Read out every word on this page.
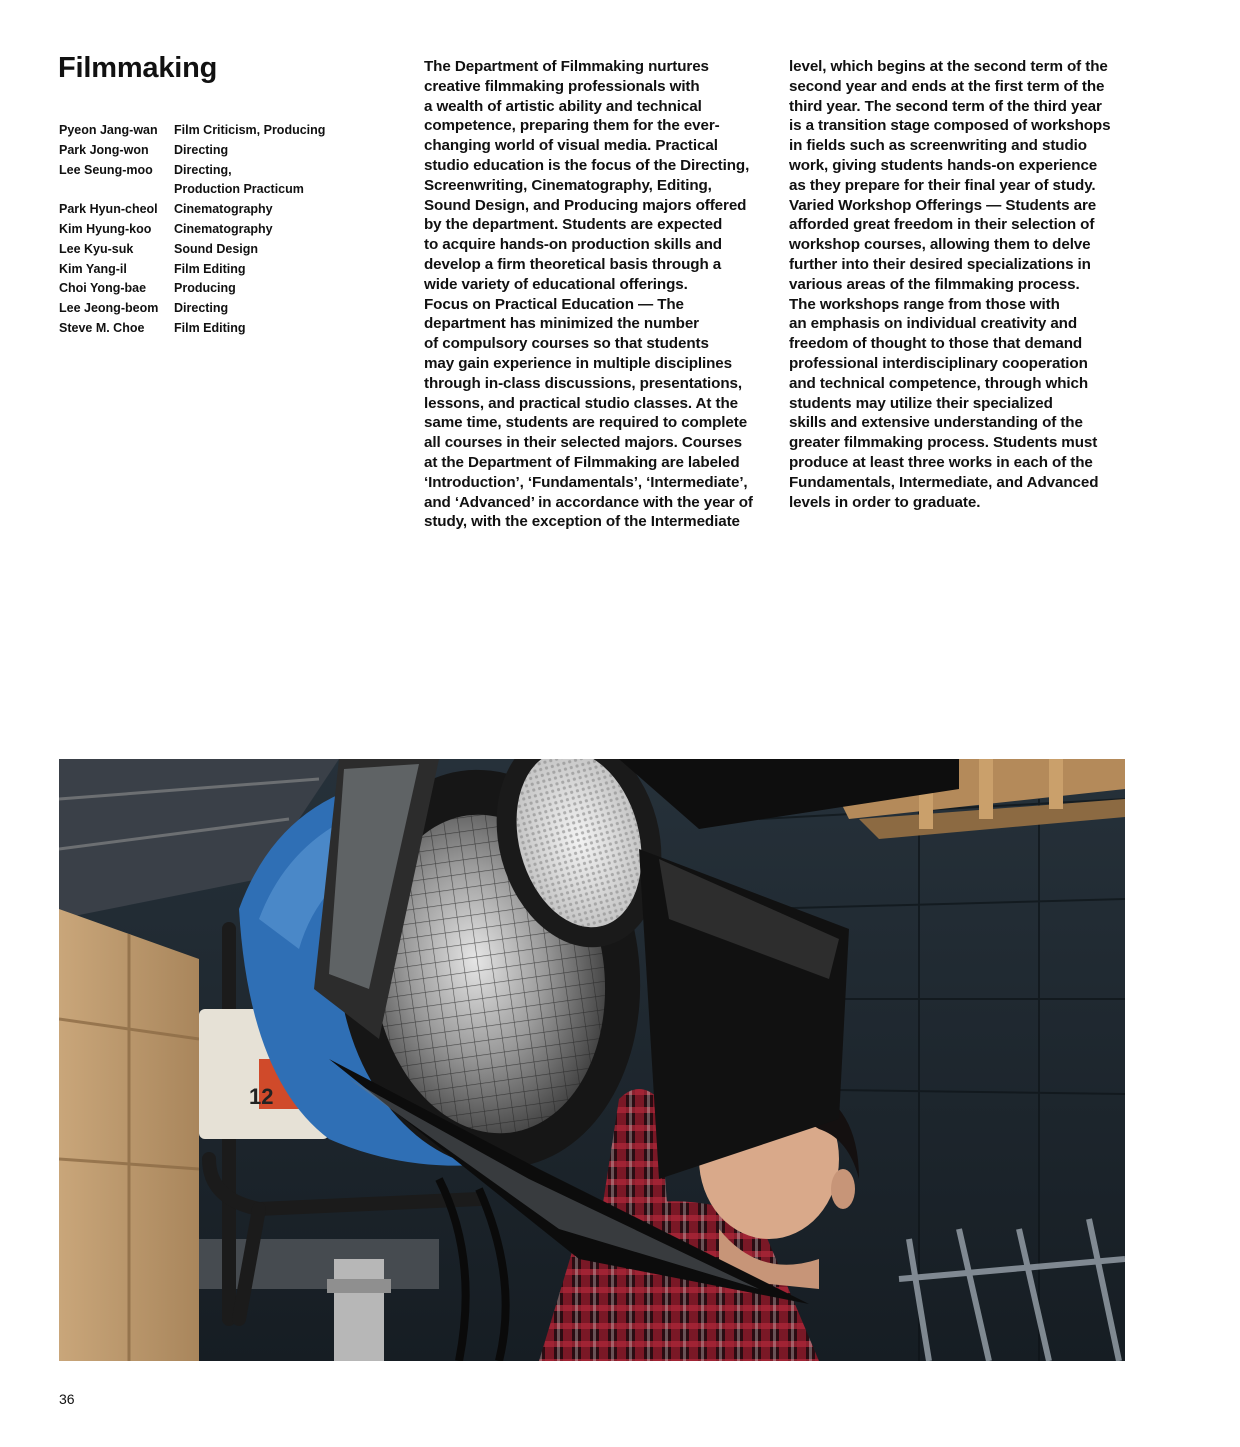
Filmmaking
Pyeon Jang-wan	Film Criticism, Producing
Park Jong-won	Directing
Lee Seung-moo	Directing,
Production Practicum
Park Hyun-cheol	Cinematography
Kim Hyung-koo	Cinematography
Lee Kyu-suk	Sound Design
Kim Yang-il	Film Editing
Choi Yong-bae	Producing
Lee Jeong-beom	Directing
Steve M. Choe	Film Editing
The Department of Filmmaking nurtures
creative filmmaking professionals with
a wealth of artistic ability and technical
competence, preparing them for the ever-
changing world of visual media. Practical
studio education is the focus of the Directing,
Screenwriting, Cinematography, Editing,
Sound Design, and Producing majors offered
by the department. Students are expected
to acquire hands-on production skills and
develop a firm theoretical basis through a
wide variety of educational offerings.
Focus on Practical Education — The
department has minimized the number
of compulsory courses so that students
may gain experience in multiple disciplines
through in-class discussions, presentations,
lessons, and practical studio classes. At the
same time, students are required to complete
all courses in their selected majors. Courses
at the Department of Filmmaking are labeled
‘Introduction’, ‘Fundamentals’, ‘Intermediate’,
and ‘Advanced’ in accordance with the year of
study, with the exception of the Intermediate
level, which begins at the second term of the
second year and ends at the first term of the
third year. The second term of the third year
is a transition stage composed of workshops
in fields such as screenwriting and studio
work, giving students hands-on experience
as they prepare for their final year of study.
Varied Workshop Offerings — Students are
afforded great freedom in their selection of
workshop courses, allowing them to delve
further into their desired specializations in
various areas of the filmmaking process.
The workshops range from those with
an emphasis on individual creativity and
freedom of thought to those that demand
professional interdisciplinary cooperation
and technical competence, through which
students may utilize their specialized
skills and extensive understanding of the
greater filmmaking process. Students must
produce at least three works in each of the
Fundamentals, Intermediate, and Advanced
levels in order to graduate.
12
36
